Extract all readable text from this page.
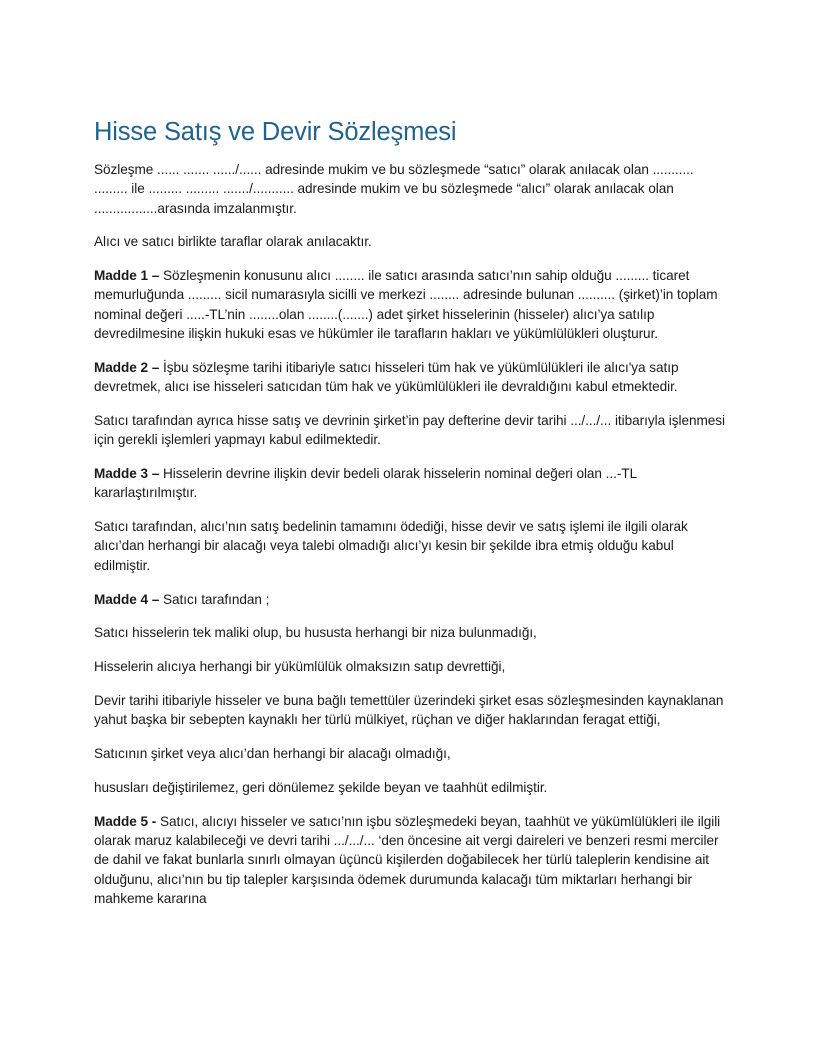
Hisse Satış ve Devir Sözleşmesi

Sözleşme ...... ....... ....../...... adresinde mukim ve bu sözleşmede “satıcı” olarak anılacak olan ........... ......... ile ......... ......... ......./........... adresinde mukim ve bu sözleşmede “alıcı” olarak anılacak olan .................arasında imzalanmıştır.

Alıcı ve satıcı birlikte taraflar olarak anılacaktır.

Madde 1 – Sözleşmenin konusunu alıcı ........ ile satıcı arasında satıcı’nın sahip olduğu ......... ticaret memurluğunda ......... sicil numarasıyla sicilli ve merkezi ........ adresinde bulunan .......... (şirket)’in toplam nominal değeri .....-TL’nin ........olan ........(.......) adet şirket hisselerinin (hisseler) alıcı’ya satılıp devredilmesine ilişkin hukuki esas ve hükümler ile tarafların hakları ve yükümlülükleri oluşturur.

Madde 2 – İşbu sözleşme tarihi itibariyle satıcı hisseleri tüm hak ve yükümlülükleri ile alıcı'ya satıp devretmek, alıcı ise hisseleri satıcıdan tüm hak ve yükümlülükleri ile devraldığını kabul etmektedir.

Satıcı tarafından ayrıca hisse satış ve devrinin şirket’in pay defterine devir tarihi .../.../... itibarıyla işlenmesi için gerekli işlemleri yapmayı kabul edilmektedir.

Madde 3 – Hisselerin devrine ilişkin devir bedeli olarak hisselerin nominal değeri olan ...-TL kararlaştırılmıştır.

Satıcı tarafından, alıcı’nın satış bedelinin tamamını ödediği, hisse devir ve satış işlemi ile ilgili olarak alıcı’dan herhangi bir alacağı veya talebi olmadığı alıcı’yı kesin bir şekilde ibra etmiş olduğu kabul edilmiştir.

Madde 4 – Satıcı tarafından ;

Satıcı hisselerin tek maliki olup, bu hususta herhangi bir niza bulunmadığı,

Hisselerin alıcıya herhangi bir yükümlülük olmaksızın satıp devrettiği,

Devir tarihi itibariyle hisseler ve buna bağlı temettüler üzerindeki şirket esas sözleşmesinden kaynaklanan yahut başka bir sebepten kaynaklı her türlü mülkiyet, rüçhan ve diğer haklarından feragat ettiği,

Satıcının şirket veya alıcı’dan herhangi bir alacağı olmadığı,

hususları değiştirilemez, geri dönülemez şekilde beyan ve taahhüt edilmiştir.

Madde 5 - Satıcı, alıcıyı hisseler ve satıcı’nın işbu sözleşmedeki beyan, taahhüt ve yükümlülükleri ile ilgili olarak maruz kalabileceği ve devri tarihi .../.../... ‘den öncesine ait vergi daireleri ve benzeri resmi merciler de dahil ve fakat bunlarla sınırlı olmayan üçüncü kişilerden doğabilecek her türlü taleplerin kendisine ait olduğunu, alıcı’nın bu tip talepler karşısında ödemek durumunda kalacağı tüm miktarları herhangi bir mahkeme kararına
